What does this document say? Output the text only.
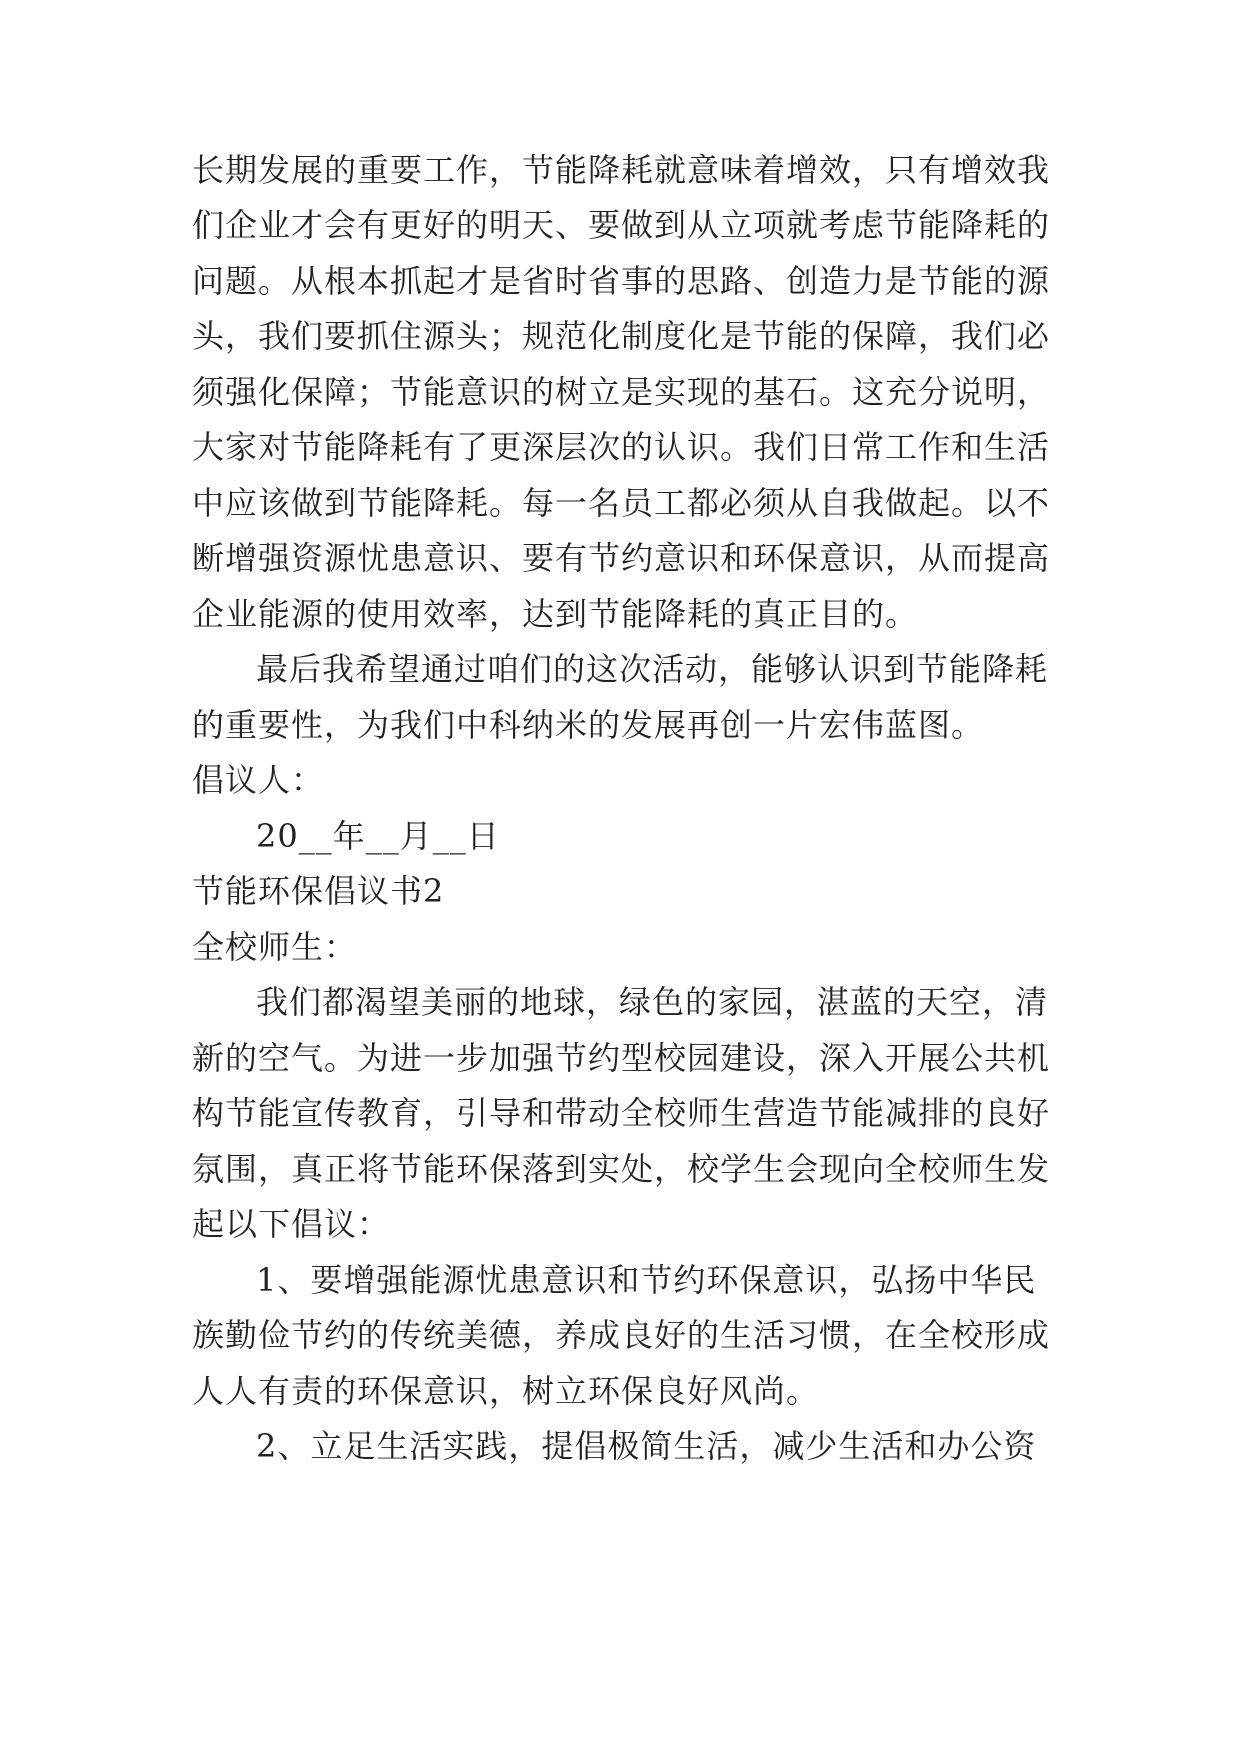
长期发展的重要工作，节能降耗就意味着增效，只有增效我
们企业才会有更好的明天、要做到从立项就考虑节能降耗的
问题。从根本抓起才是省时省事的思路、创造力是节能的源
头，我们要抓住源头；规范化制度化是节能的保障，我们必
须强化保障；节能意识的树立是实现的基石。这充分说明，
大家对节能降耗有了更深层次的认识。我们日常工作和生活
中应该做到节能降耗。每一名员工都必须从自我做起。以不
断增强资源忧患意识、要有节约意识和环保意识，从而提高
企业能源的使用效率，达到节能降耗的真正目的。
最后我希望通过咱们的这次活动，能够认识到节能降耗
的重要性，为我们中科纳米的发展再创一片宏伟蓝图。
倡议人：
20__年__月__日
节能环保倡议书2
全校师生：
我们都渴望美丽的地球，绿色的家园，湛蓝的天空，清
新的空气。为进一步加强节约型校园建设，深入开展公共机
构节能宣传教育，引导和带动全校师生营造节能减排的良好
氛围，真正将节能环保落到实处，校学生会现向全校师生发
起以下倡议：
1、要增强能源忧患意识和节约环保意识，弘扬中华民
族勤俭节约的传统美德，养成良好的生活习惯，在全校形成
人人有责的环保意识，树立环保良好风尚。
2、立足生活实践，提倡极简生活，减少生活和办公资
